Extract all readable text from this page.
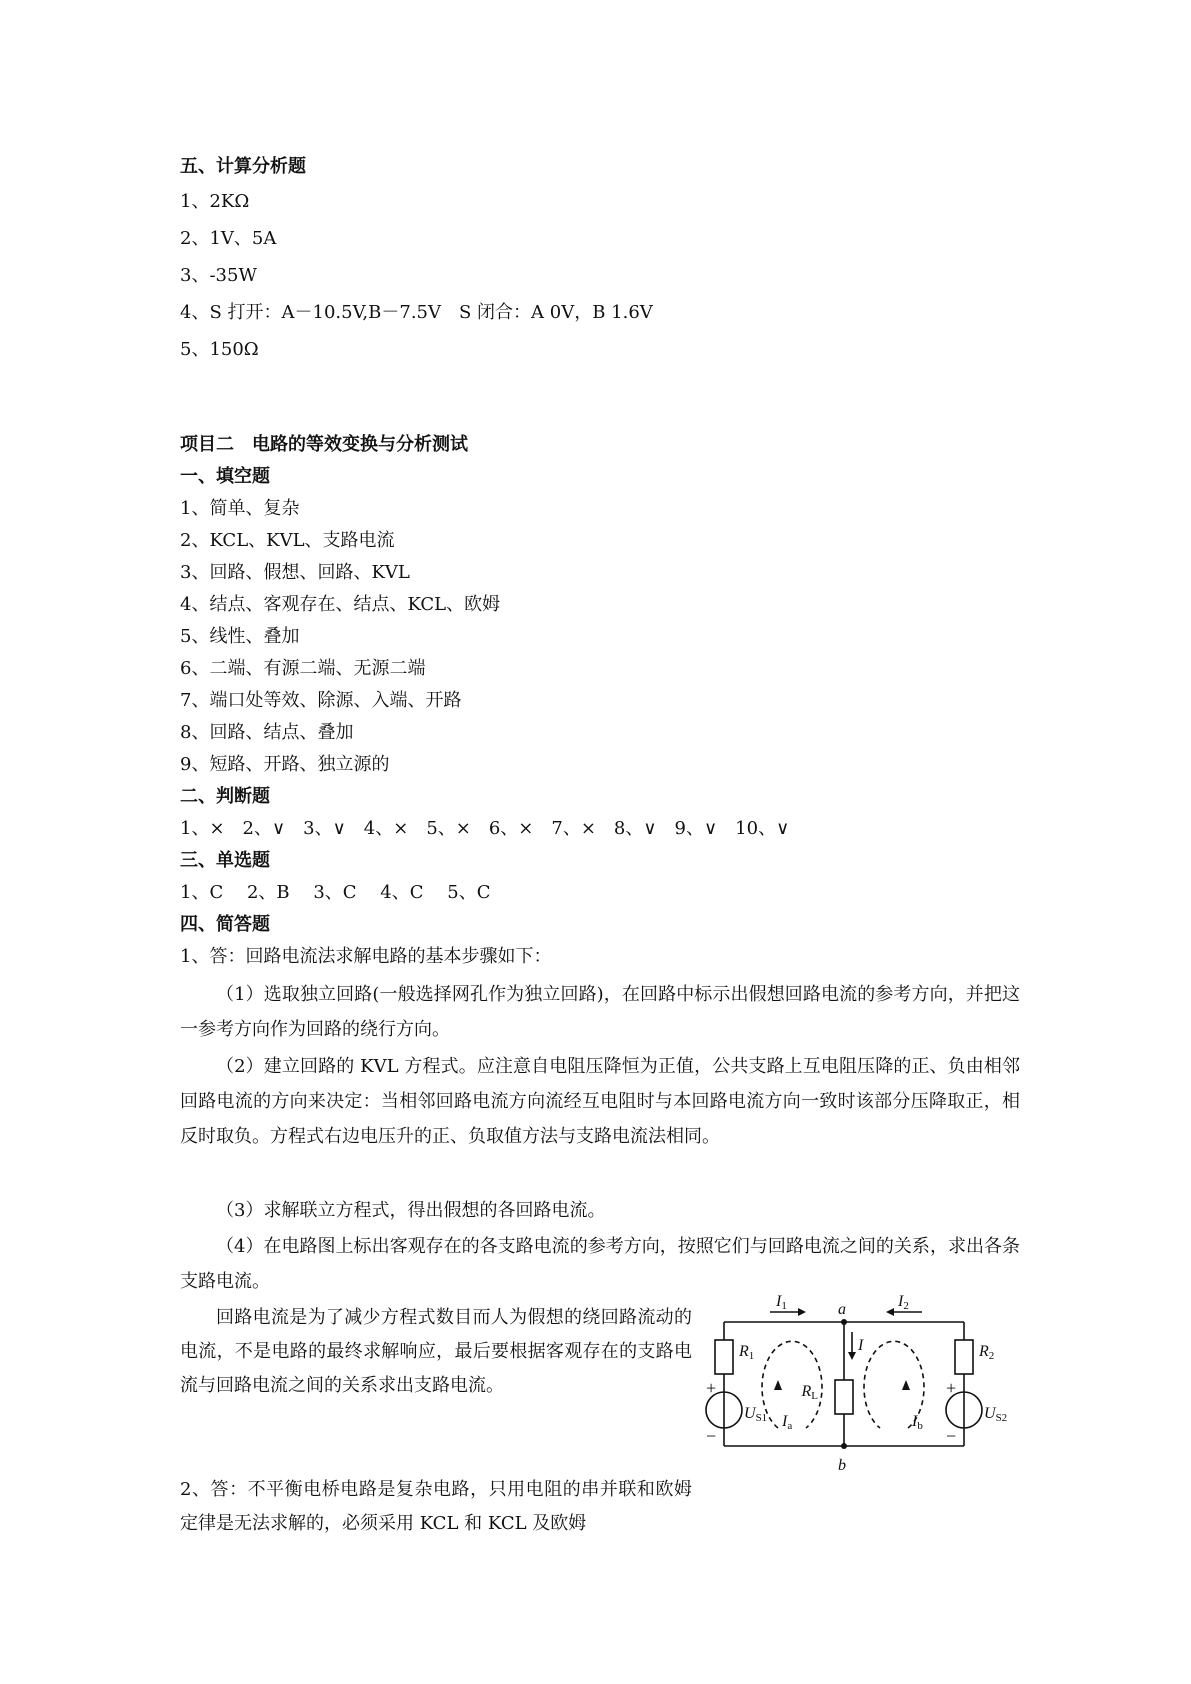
五、计算分析题
1、2KΩ
2、1V、5A
3、-35W
4、S 打开：A－10.5V,B－7.5V　S 闭合：A 0V，B 1.6V
5、150Ω
项目二　电路的等效变换与分析测试
一、填空题
1、简单、复杂
2、KCL、KVL、支路电流
3、回路、假想、回路、KVL
4、结点、客观存在、结点、KCL、欧姆
5、线性、叠加
6、二端、有源二端、无源二端
7、端口处等效、除源、入端、开路
8、回路、结点、叠加
9、短路、开路、独立源的
二、判断题
1、×　2、∨　3、∨　4、×　5、×　6、×　7、×　8、∨　9、∨　10、∨
三、单选题
1、C　 2、B　 3、C　 4、C　 5、C
四、简答题
1、答：回路电流法求解电路的基本步骤如下：
（1）选取独立回路(一般选择网孔作为独立回路)，在回路中标示出假想回路电流的参考方向，并把这一参考方向作为回路的绕行方向。
（2）建立回路的 KVL 方程式。应注意自电阻压降恒为正值，公共支路上互电阻压降的正、负由相邻回路电流的方向来决定：当相邻回路电流方向流经互电阻时与本回路电流方向一致时该部分压降取正，相反时取负。方程式右边电压升的正、负取值方法与支路电流法相同。
（3）求解联立方程式，得出假想的各回路电流。
（4）在电路图上标出客观存在的各支路电流的参考方向，按照它们与回路电流之间的关系，求出各条支路电流。
回路电流是为了减少方程式数目而人为假想的绕回路流动的电流，不是电路的最终求解响应，最后要根据客观存在的支路电流与回路电流之间的关系求出支路电流。
2、答：不平衡电桥电路是复杂电路，只用电阻的串并联和欧姆定律是无法求解的，必须采用 KCL 和 KCL 及欧姆
I1	I2
a
b
I
R1	R2
RL
US1	US2
Ia	Ib
+	+
−	−
